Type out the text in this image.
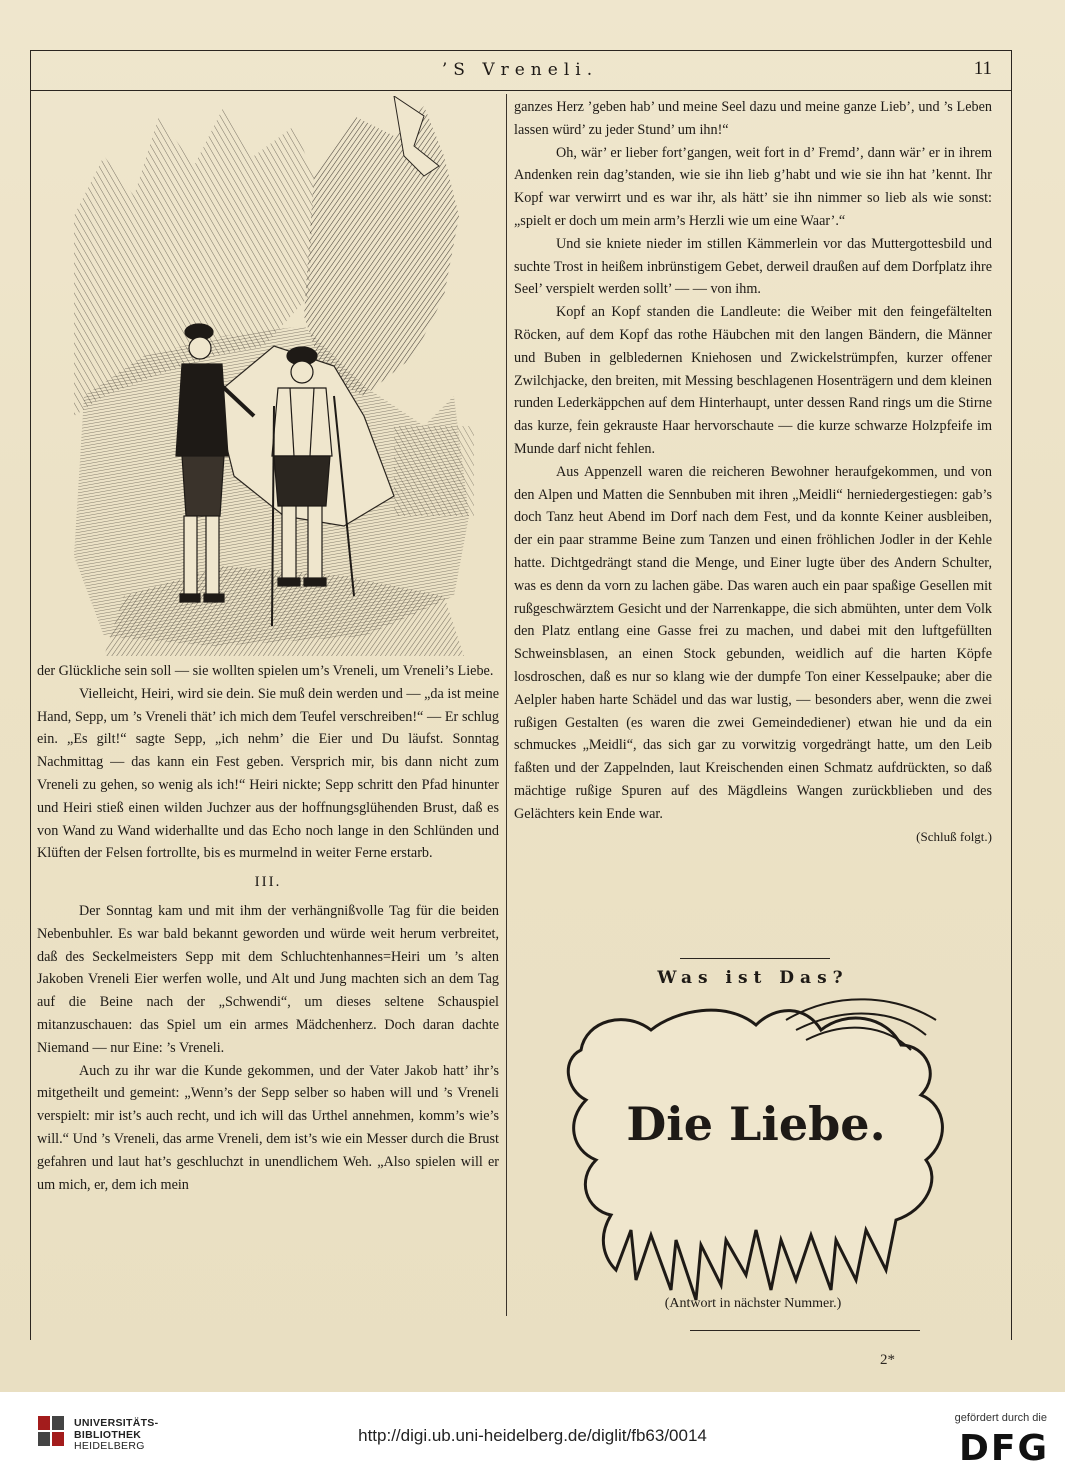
’S Vreneli.	11

der Glückliche sein soll — sie wollten spielen um’s Vreneli, um Vreneli’s Liebe.

Vielleicht, Heiri, wird sie dein. Sie muß dein werden und — „da ist meine Hand, Sepp, um ’s Vreneli thät’ ich mich dem Teufel verschreiben!“ — Er schlug ein. „Es gilt!“ sagte Sepp, „ich nehm’ die Eier und Du läufst. Sonntag Nachmittag — das kann ein Fest geben. Versprich mir, bis dann nicht zum Vreneli zu gehen, so wenig als ich!“ Heiri nickte; Sepp schritt den Pfad hinunter und Heiri stieß einen wilden Juchzer aus der hoffnungsglühenden Brust, daß es von Wand zu Wand widerhallte und das Echo noch lange in den Schlünden und Klüften der Felsen fortrollte, bis es murmelnd in weiter Ferne erstarb.

III.

Der Sonntag kam und mit ihm der verhängnißvolle Tag für die beiden Nebenbuhler. Es war bald bekannt geworden und würde weit herum verbreitet, daß des Seckelmeisters Sepp mit dem Schluchtenhannes=Heiri um ’s alten Jakoben Vreneli Eier werfen wolle, und Alt und Jung machten sich an dem Tag auf die Beine nach der „Schwendi“, um dieses seltene Schauspiel mitanzuschauen: das Spiel um ein armes Mädchenherz. Doch daran dachte Niemand — nur Eine: ’s Vreneli.

Auch zu ihr war die Kunde gekommen, und der Vater Jakob hatt’ ihr’s mitgetheilt und gemeint: „Wenn’s der Sepp selber so haben will und ’s Vreneli verspielt: mir ist’s auch recht, und ich will das Urthel annehmen, komm’s wie’s will.“ Und ’s Vreneli, das arme Vreneli, dem ist’s wie ein Messer durch die Brust gefahren und laut hat’s geschluchzt in unendlichem Weh. „Also spielen will er um mich, er, dem ich mein

ganzes Herz ’geben hab’ und meine Seel dazu und meine ganze Lieb’, und ’s Leben lassen würd’ zu jeder Stund’ um ihn!“

Oh, wär’ er lieber fort’gangen, weit fort in d’ Fremd’, dann wär’ er in ihrem Andenken rein dag’standen, wie sie ihn lieb g’habt und wie sie ihn hat ’kennt. Ihr Kopf war verwirrt und es war ihr, als hätt’ sie ihn nimmer so lieb als wie sonst: „spielt er doch um mein arm’s Herzli wie um eine Waar’.“

Und sie kniete nieder im stillen Kämmerlein vor das Muttergottesbild und suchte Trost in heißem inbrünstigem Gebet, derweil draußen auf dem Dorfplatz ihre Seel’ verspielt werden sollt’ — — von ihm.

Kopf an Kopf standen die Landleute: die Weiber mit den feingefältelten Röcken, auf dem Kopf das rothe Häubchen mit den langen Bändern, die Männer und Buben in gelbledernen Kniehosen und Zwickelstrümpfen, kurzer offener Zwilchjacke, den breiten, mit Messing beschlagenen Hosenträgern und dem kleinen runden Lederkäppchen auf dem Hinterhaupt, unter dessen Rand rings um die Stirne das kurze, fein gekrauste Haar hervorschaute — die kurze schwarze Holzpfeife im Munde darf nicht fehlen.

Aus Appenzell waren die reicheren Bewohner heraufgekommen, und von den Alpen und Matten die Sennbuben mit ihren „Meidli“ herniedergestiegen: gab’s doch Tanz heut Abend im Dorf nach dem Fest, und da konnte Keiner ausbleiben, der ein paar stramme Beine zum Tanzen und einen fröhlichen Jodler in der Kehle hatte. Dichtgedrängt stand die Menge, und Einer lugte über des Andern Schulter, was es denn da vorn zu lachen gäbe. Das waren auch ein paar spaßige Gesellen mit rußgeschwärztem Gesicht und der Narrenkappe, die sich abmühten, unter dem Volk den Platz entlang eine Gasse frei zu machen, und dabei mit den luftgefüllten Schweinsblasen, an einen Stock gebunden, weidlich auf die harten Köpfe losdroschen, daß es nur so klang wie der dumpfe Ton einer Kesselpauke; aber die Aelpler haben harte Schädel und das war lustig, — besonders aber, wenn die zwei rußigen Gestalten (es waren die zwei Gemeindediener) etwan hie und da ein schmuckes „Meidli“, das sich gar zu vorwitzig vorgedrängt hatte, um den Leib faßten und der Zappelnden, laut Kreischenden einen Schmatz aufdrückten, so daß mächtige rußige Spuren auf des Mägdleins Wangen zurückblieben und des Gelächters kein Ende war.

(Schluß folgt.)
Was ist Das?
Die Liebe.
(Antwort in nächster Nummer.)
2*
UNIVERSITÄTS-
BIBLIOTHEK
HEIDELBERG
http://digi.ub.uni-heidelberg.de/diglit/fb63/0014
gefördert durch die
DFG
